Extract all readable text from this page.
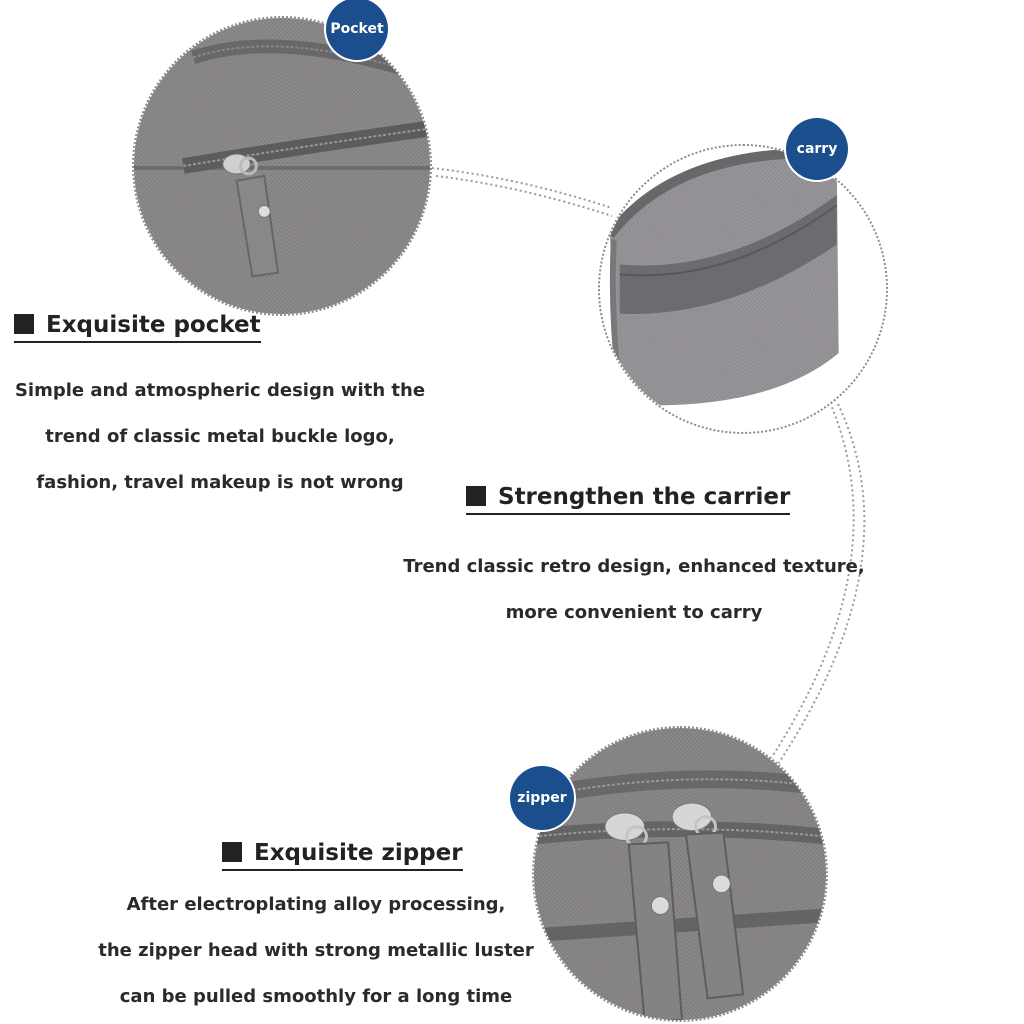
Pocket
carry
zipper
Exquisite pocket
Simple and atmospheric design with the
trend of classic metal buckle logo,
fashion, travel makeup is not wrong
Strengthen the carrier
Trend classic retro design, enhanced texture,
more convenient to carry
Exquisite zipper
After electroplating alloy processing,
the zipper head with strong metallic luster
can be pulled smoothly for a long time
